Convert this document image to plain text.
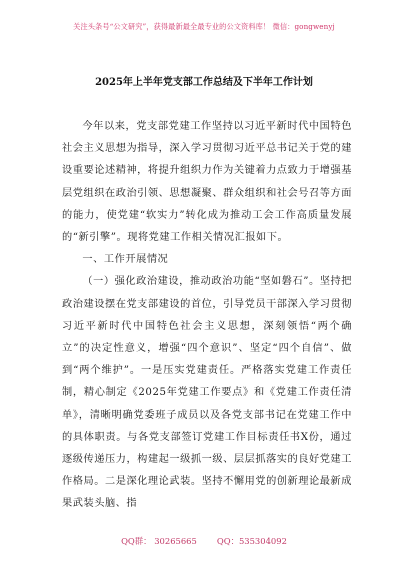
关注头条号“公文研究”，获得最新最全最专业的公文资料库！ 微信：gongwenyj
2025年上半年党支部工作总结及下半年工作计划

今年以来，党支部党建工作坚持以习近平新时代中国特色社会主义思想为指导，深入学习贯彻习近平总书记关于党的建设重要论述精神，将提升组织力作为关键着力点致力于增强基层党组织在政治引领、思想凝聚、群众组织和社会号召等方面的能力，使党建“软实力”转化成为推动工会工作高质量发展的“新引擎”。现将党建工作相关情况汇报如下。

一、工作开展情况

（一）强化政治建设，推动政治功能“坚如磐石”。坚持把政治建设摆在党支部建设的首位，引导党员干部深入学习贯彻习近平新时代中国特色社会主义思想，深刻领悟“两个确立”的决定性意义，增强“四个意识”、坚定“四个自信”、做到“两个维护”。一是压实党建责任。严格落实党建工作责任制，精心制定《2025年党建工作要点》和《党建工作责任清单》，清晰明确党委班子成员以及各党支部书记在党建工作中的具体职责。与各党支部签订党建工作目标责任书X份，通过逐级传递压力，构建起一级抓一级、层层抓落实的良好党建工作格局。二是深化理论武装。坚持不懈用党的创新理论最新成果武装头脑、指

QQ群： 30265665 QQ：535304092
